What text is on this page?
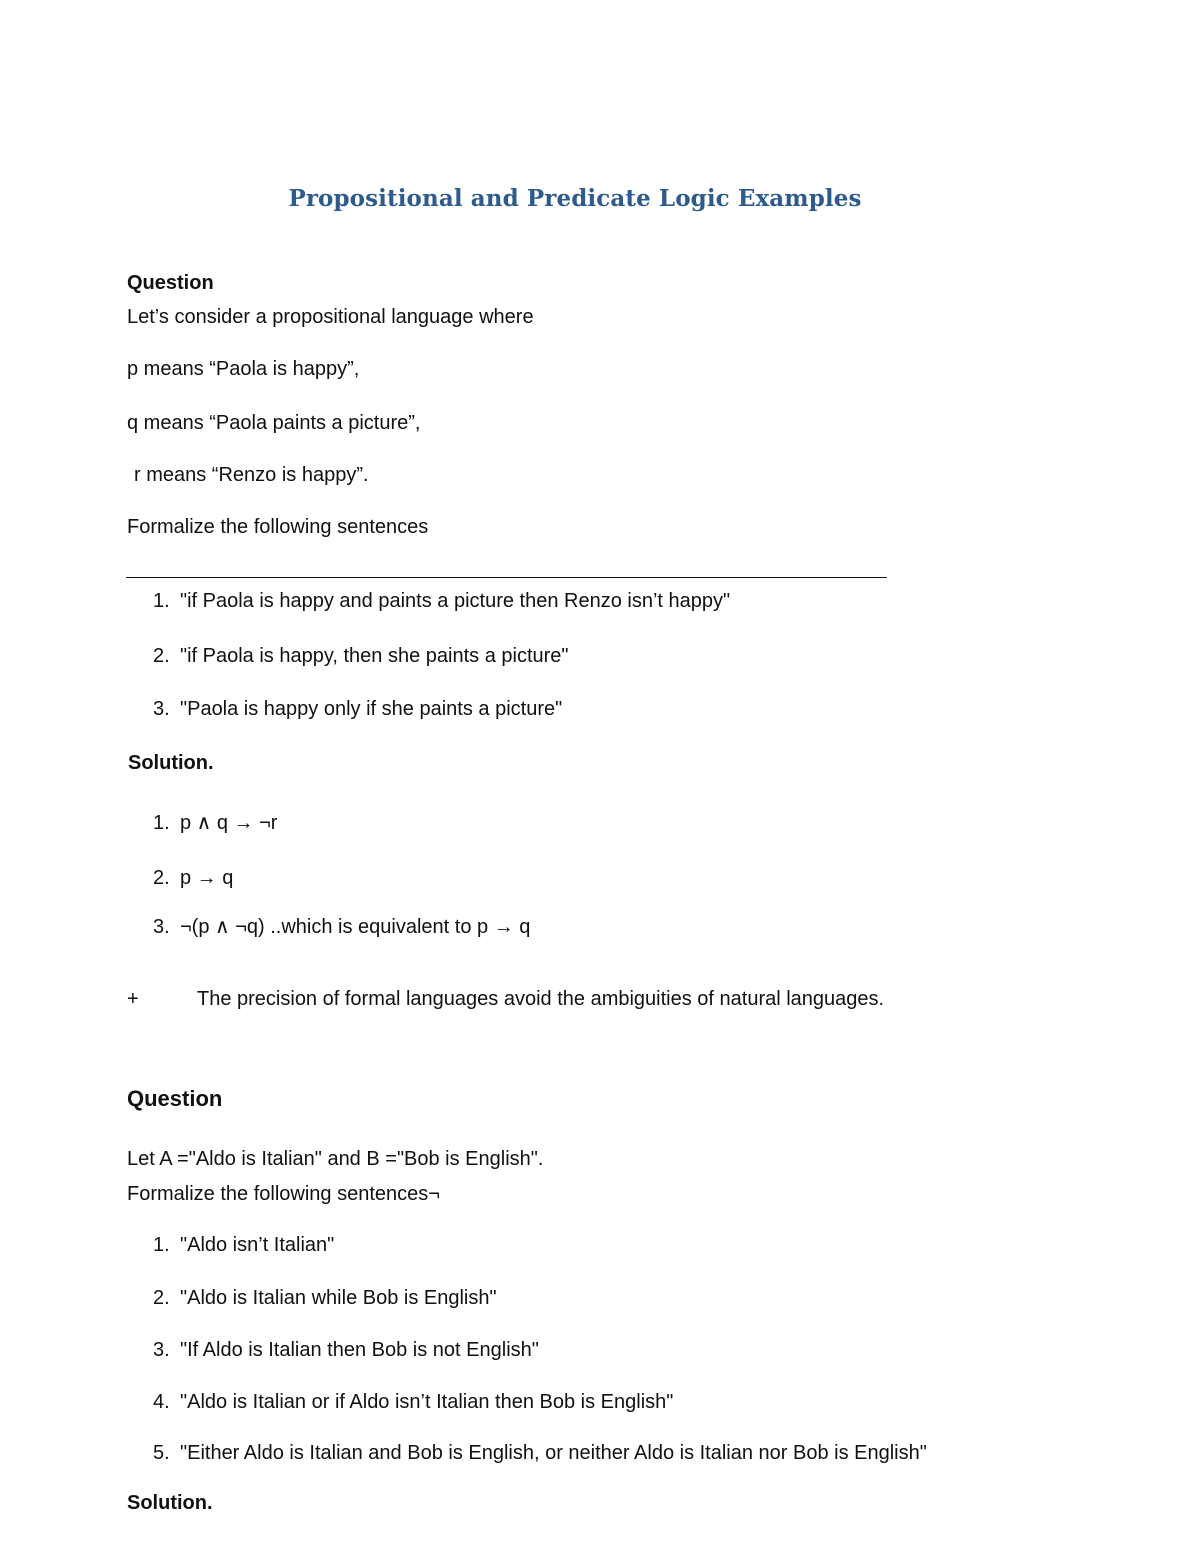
Propositional and Predicate Logic Examples
Question
Let’s consider a propositional language where
p means “Paola is happy”,
q means “Paola paints a picture”,
r means “Renzo is happy”.
Formalize the following sentences
1. "if Paola is happy and paints a picture then Renzo isn’t happy"
2. "if Paola is happy, then she paints a picture"
3. "Paola is happy only if she paints a picture"
Solution.
1. p ∧ q → ¬r
2. p → q
3. ¬(p ∧ ¬q) ..which is equivalent to p → q
+	The precision of formal languages avoid the ambiguities of natural languages.
Question
Let A ="Aldo is Italian" and B ="Bob is English".
Formalize the following sentences¬
1. "Aldo isn’t Italian"
2. "Aldo is Italian while Bob is English"
3. "If Aldo is Italian then Bob is not English"
4. "Aldo is Italian or if Aldo isn’t Italian then Bob is English"
5. "Either Aldo is Italian and Bob is English, or neither Aldo is Italian nor Bob is English"
Solution.
